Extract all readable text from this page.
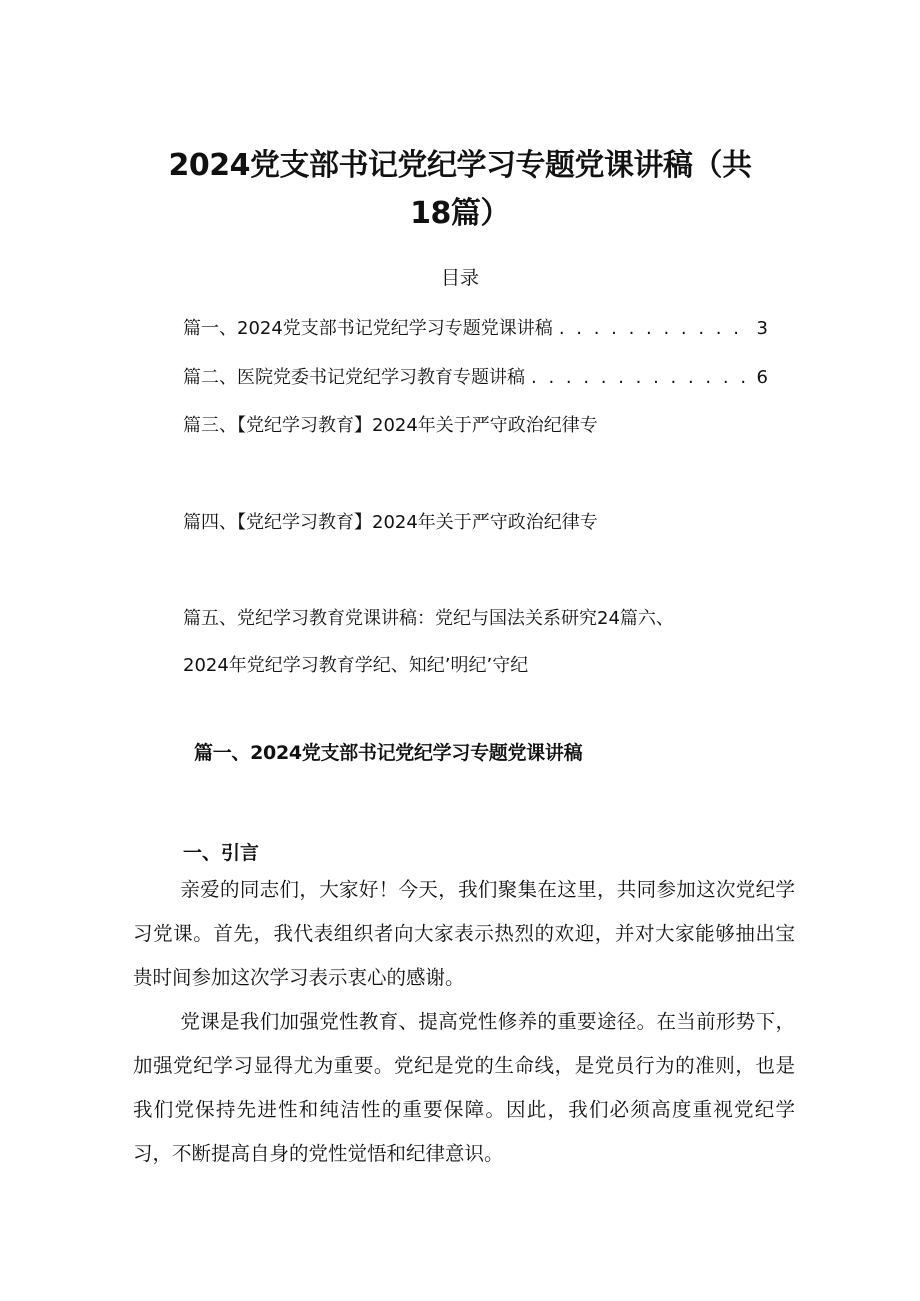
2024党支部书记党纪学习专题党课讲稿（共
18篇）
目录
篇一、2024党支部书记党纪学习专题党课讲稿 . . .	3
篇二、医院党委书记党纪学习教育专题讲稿 . . .	6
篇三、【党纪学习教育】2024年关于严守政治纪律专
篇四、【党纪学习教育】2024年关于严守政治纪律专
篇五、党纪学习教育党课讲稿：党纪与国法关系研究24篇六、
2024年党纪学习教育学纪、知纪’明纪’守纪
篇一、2024党支部书记党纪学习专题党课讲稿
一、引言

亲爱的同志们，大家好！今天，我们聚集在这里，共同参加这次党纪学习党课。首先，我代表组织者向大家表示热烈的欢迎，并对大家能够抽出宝贵时间参加这次学习表示衷心的感谢。

党课是我们加强党性教育、提高党性修养的重要途径。在当前形势下，加强党纪学习显得尤为重要。党纪是党的生命线，是党员行为的准则，也是我们党保持先进性和纯洁性的重要保障。因此，我们必须高度重视党纪学习，不断提高自身的党性觉悟和纪律意识。
